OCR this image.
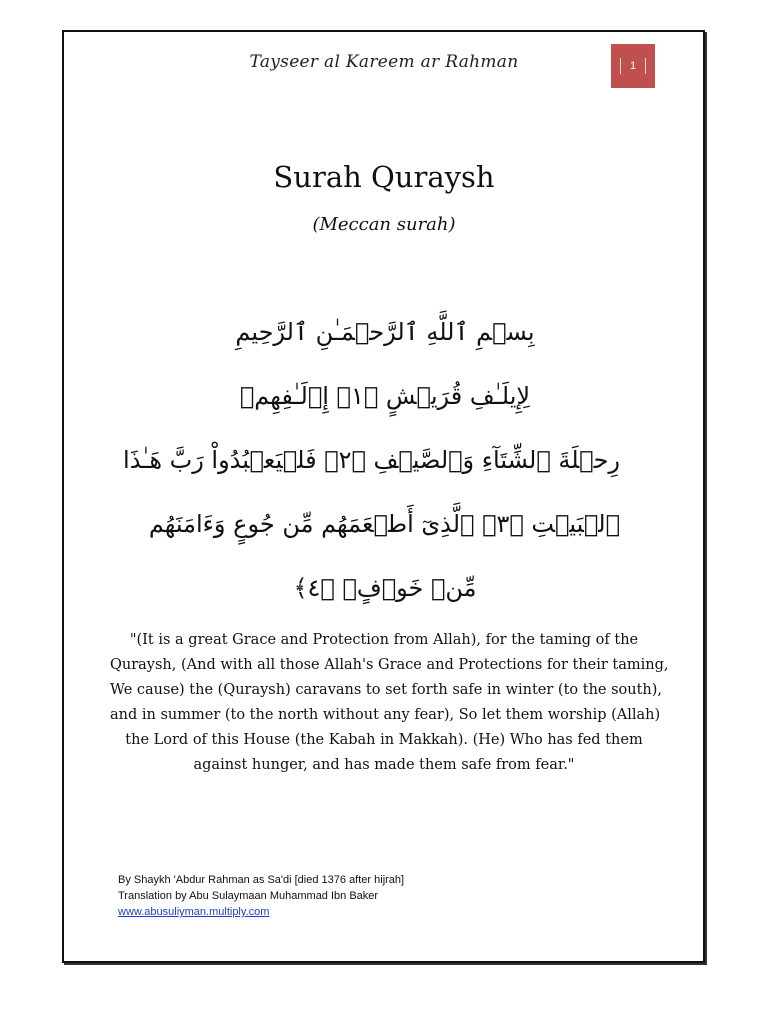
Tayseer al Kareem ar Rahman	1
Surah Quraysh
(Meccan surah)
بِسۡمِ ٱللَّهِ ٱلرَّحۡمَـٰنِ ٱلرَّحِيمِ
لِإِيلَـٰفِ قُرَيۡشٍ ﴿١﴾ إِۦلَـٰفِهِمۡ
رِحۡلَةَ ٱلشِّتَآءِ وَٱلصَّيۡفِ ﴿٢﴾ فَلۡيَعۡبُدُواْ رَبَّ هَـٰذَا
ٱلۡبَيۡتِ ﴿٣﴾ ٱلَّذِىٓ أَطۡعَمَهُم مِّن جُوعٍ وَءَامَنَهُم
مِّنۡ خَوۡفٍۭ ﴿٤﴾
"(It is a great Grace and Protection from Allah), for the taming of the
Quraysh, (And with all those Allah's Grace and Protections for their taming,
We cause) the (Quraysh) caravans to set forth safe in winter (to the south),
and in summer (to the north without any fear), So let them worship (Allah)
the Lord of this House (the Kabah in Makkah). (He) Who has fed them
against hunger, and has made them safe from fear."
By Shaykh 'Abdur Rahman as Sa'di [died 1376 after hijrah]
Translation by Abu Sulaymaan Muhammad Ibn Baker
www.abusuliyman.multiply.com
